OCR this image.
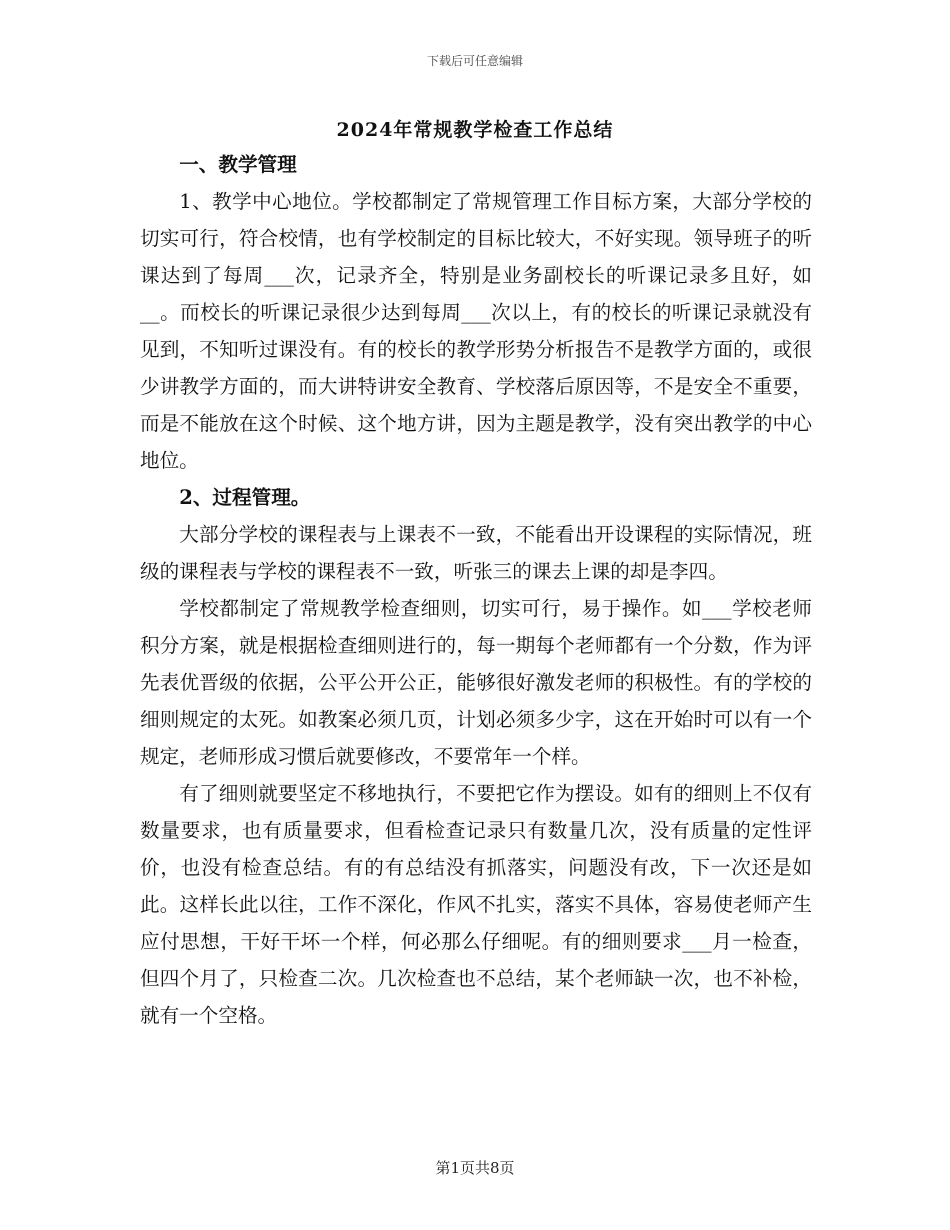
下载后可任意编辑
2024年常规教学检查工作总结
一、教学管理

1、教学中心地位。学校都制定了常规管理工作目标方案，大部分学校的切实可行，符合校情，也有学校制定的目标比较大，不好实现。领导班子的听课达到了每周___次，记录齐全，特别是业务副校长的听课记录多且好，如__。而校长的听课记录很少达到每周___次以上，有的校长的听课记录就没有见到，不知听过课没有。有的校长的教学形势分析报告不是教学方面的，或很少讲教学方面的，而大讲特讲安全教育、学校落后原因等，不是安全不重要，而是不能放在这个时候、这个地方讲，因为主题是教学，没有突出教学的中心地位。

2、过程管理。

大部分学校的课程表与上课表不一致，不能看出开设课程的实际情况，班级的课程表与学校的课程表不一致，听张三的课去上课的却是李四。

学校都制定了常规教学检查细则，切实可行，易于操作。如___学校老师积分方案，就是根据检查细则进行的，每一期每个老师都有一个分数，作为评先表优晋级的依据，公平公开公正，能够很好激发老师的积极性。有的学校的细则规定的太死。如教案必须几页，计划必须多少字，这在开始时可以有一个规定，老师形成习惯后就要修改，不要常年一个样。

有了细则就要坚定不移地执行，不要把它作为摆设。如有的细则上不仅有数量要求，也有质量要求，但看检查记录只有数量几次，没有质量的定性评价，也没有检查总结。有的有总结没有抓落实，问题没有改，下一次还是如此。这样长此以往，工作不深化，作风不扎实，落实不具体，容易使老师产生应付思想，干好干坏一个样，何必那么仔细呢。有的细则要求___月一检查，但四个月了，只检查二次。几次检查也不总结，某个老师缺一次，也不补检，就有一个空格。

第1页共8页
